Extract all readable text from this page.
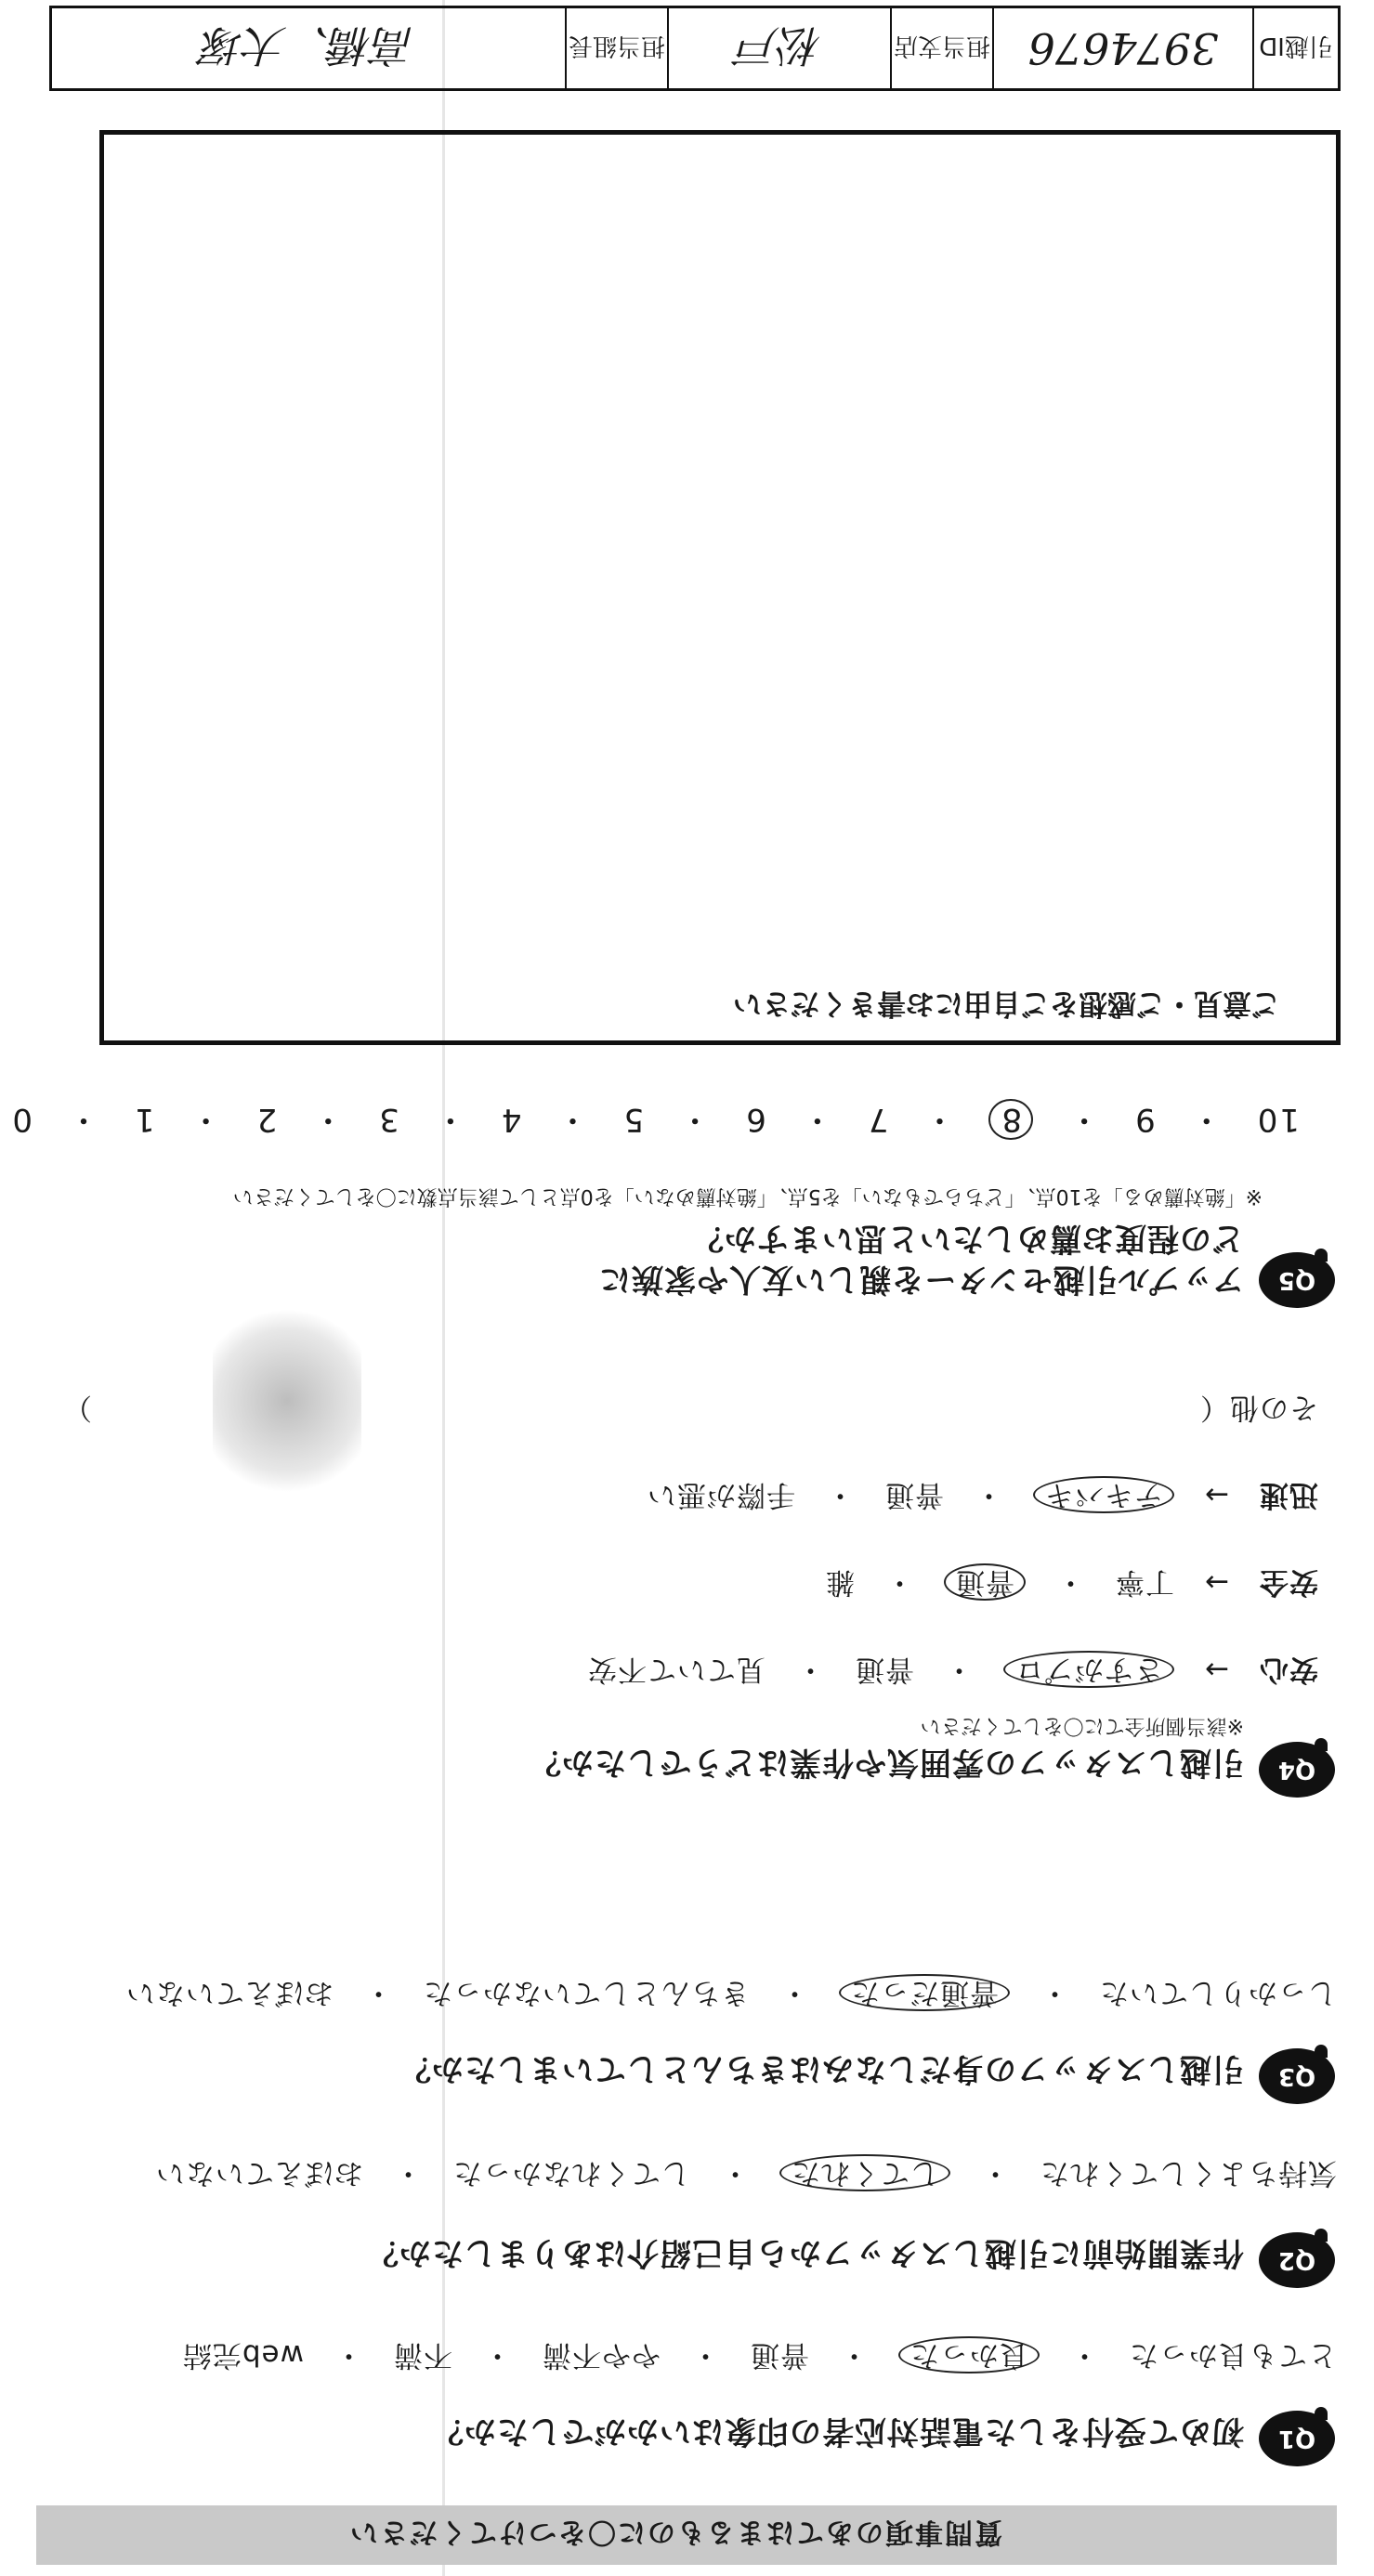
質問事項のあてはまるものに〇をつけてください
Q1
初めて受付をした電話対応者の印象はいかがでしたか？
とても良かった　・　良かった　・　普通　・　やや不満　・　不満　・　web完結
Q2
作業開始前に引越しスタッフから自己紹介はありましたか？
気持ちよくしてくれた　・　してくれた　・　してくれなかった　・　おぼえていない
Q3
引越しスタッフの身だしなみはきちんとしていましたか？
しっかりしていた　・　普通だった　・　きちんとしていなかった　・　おぼえていない
Q4
引越しスタッフの雰囲気や作業はどうでしたか？
※該当個所全てに〇をしてください
安心　→　さすがプロ　・　普通　・　見ていて不安
安全　→　丁寧　・　普通　・　雑
迅速　→　テキパキ　・　普通　・　手際が悪い
その他（
）
Q5
アップル引越センターを親しい友人や家族に
どの程度お薦めしたいと思いますか？
※「絶対薦める」を10点、「どちらでもない」を5点、「絶対薦めない」を0点として該当点数に〇をしてください
10　・　9　・　8　・　7　・　6　・　5　・　4　・　3　・　2　・　1　・　0
ご意見・ご感想をご自由にお書きください
引越ID
3974676
担当支店
松戸
担当組長
高橋、大塚
